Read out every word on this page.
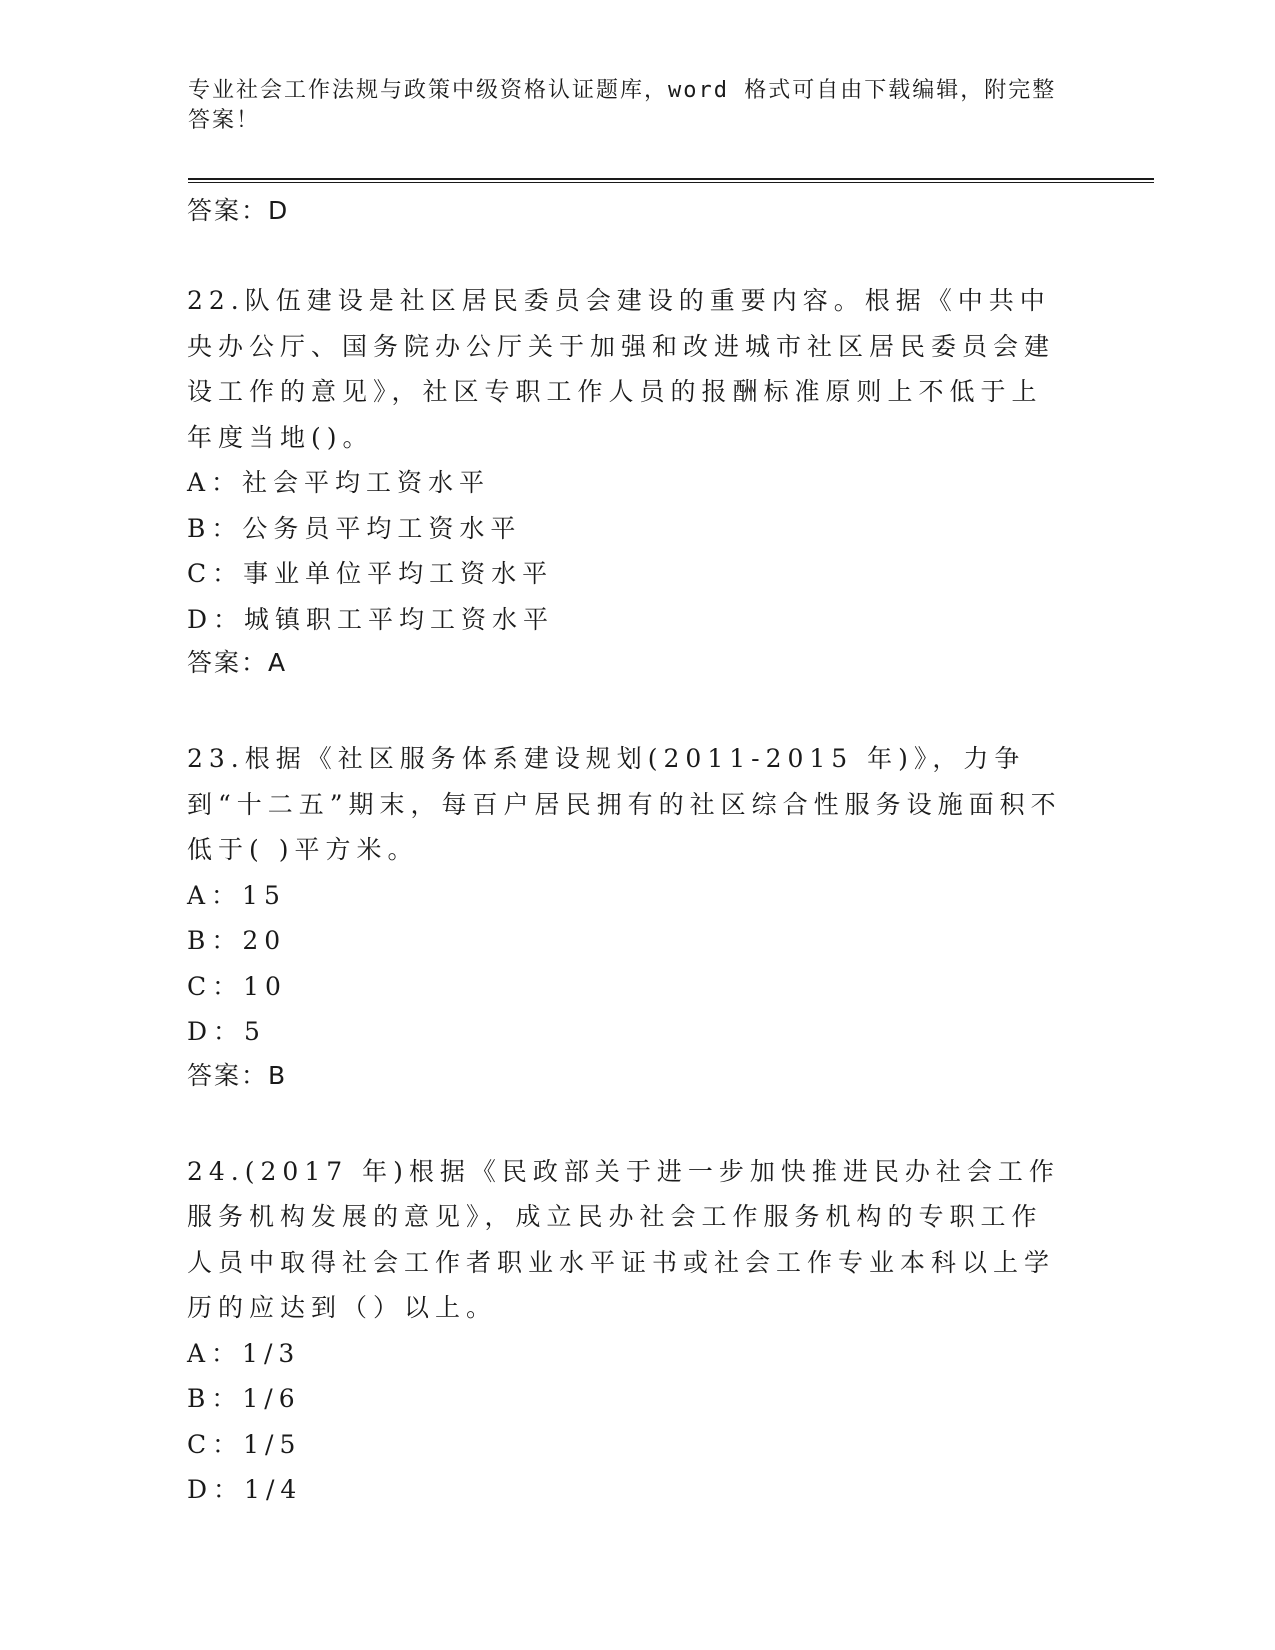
专业社会工作法规与政策中级资格认证题库，word 格式可自由下载编辑，附完整答案！

答案：D

22.队伍建设是社区居民委员会建设的重要内容。根据《中共中央办公厅、国务院办公厅关于加强和改进城市社区居民委员会建设工作的意见》，社区专职工作人员的报酬标准原则上不低于上年度当地()。

A：社会平均工资水平

B：公务员平均工资水平

C：事业单位平均工资水平

D：城镇职工平均工资水平

答案：A

23.根据《社区服务体系建设规划(2011-2015 年)》，力争到“十二五”期末，每百户居民拥有的社区综合性服务设施面积不低于( )平方米。

A：15

B：20

C：10

D：5

答案：B

24.(2017 年)根据《民政部关于进一步加快推进民办社会工作服务机构发展的意见》，成立民办社会工作服务机构的专职工作人员中取得社会工作者职业水平证书或社会工作专业本科以上学历的应达到（）以上。

A：1/3

B：1/6

C：1/5

D：1/4
